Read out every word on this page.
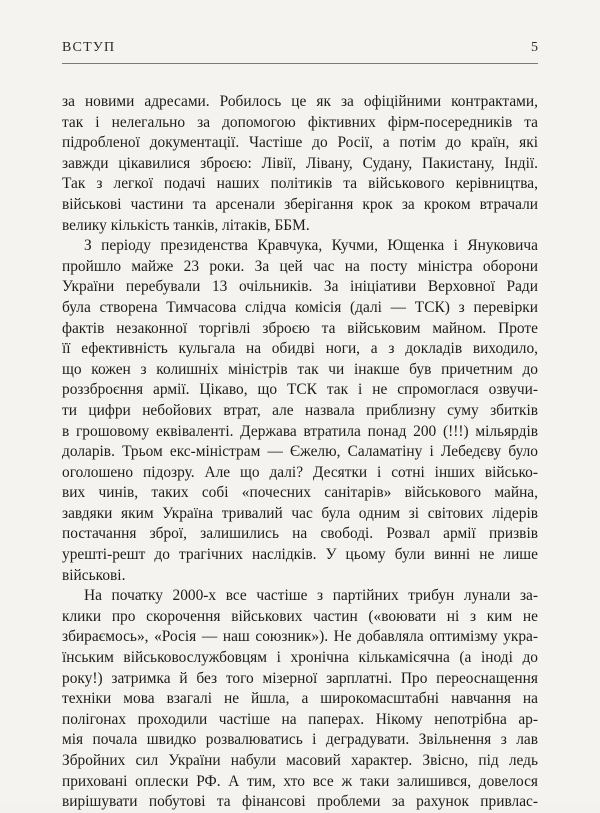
ВСТУП	5
за новими адресами. Робилось це як за офіційними контрактами,
так і нелегально за допомогою фіктивних фірм-посередників та
підробленої документації. Частіше до Росії, а потім до країн, які
завжди цікавилися зброєю: Лівії, Лівану, Судану, Пакистану, Індії.
Так з легкої подачі наших політиків та військового керівництва,
військові частини та арсенали зберігання крок за кроком втрачали
велику кількість танків, літаків, ББМ.
З періоду президенства Кравчука, Кучми, Ющенка і Януковича
пройшло майже 23 роки. За цей час на посту міністра оборони
України перебували 13 очільників. За ініціативи Верховної Ради
була створена Тимчасова слідча комісія (далі — ТСК) з перевірки
фактів незаконної торгівлі зброєю та військовим майном. Проте
її ефективність кульгала на обидві ноги, а з докладів виходило,
що кожен з колишніх міністрів так чи інакше був причетним до
роззброєння армії. Цікаво, що ТСК так і не спромоглася озвучи-
ти цифри небойових втрат, але назвала приблизну суму збитків
в грошовому еквіваленті. Держава втратила понад 200 (!!!) мільярдів
доларів. Трьом екс-міністрам — Єжелю, Саламатіну і Лебедєву було
оголошено підозру. Але що далі? Десятки і сотні інших військо-
вих чинів, таких собі «почесних санітарів» військового майна,
завдяки яким Україна тривалий час була одним зі світових лідерів
постачання зброї, залишились на свободі. Розвал армії призвів
урешті-решт до трагічних наслідків. У цьому були винні не лише
військові.
На початку 2000-х все частіше з партійних трибун лунали за-
клики про скорочення військових частин («воювати ні з ким не
збираємось», «Росія — наш союзник»). Не добавляла оптимізму укра-
їнським військовослужбовцям і хронічна кількамісячна (а іноді до
року!) затримка й без того мізерної зарплатні. Про переоснащення
техніки мова взагалі не йшла, а широкомасштабні навчання на
полігонах проходили частіше на паперах. Нікому непотрібна ар-
мія почала швидко розвалюватись і деградувати. Звільнення з лав
Збройних сил України набули масовий характер. Звісно, під ледь
приховані оплески РФ. А тим, хто все ж таки залишився, довелося
вирішувати побутові та фінансові проблеми за рахунок привлас-
